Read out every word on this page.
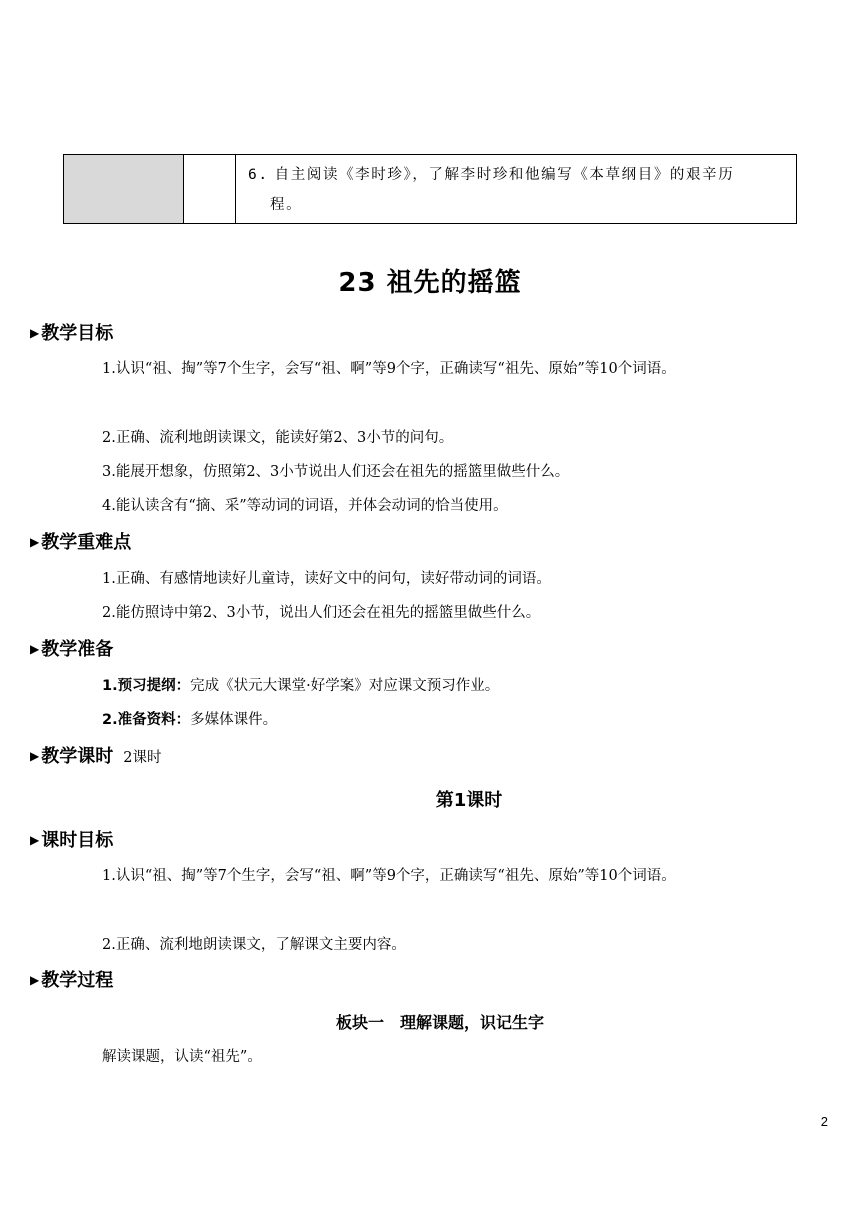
6. 自主阅读《李时珍》，了解李时珍和他编写《本草纲目》的艰辛历
程。
23 祖先的摇篮
▶ 教学目标
1.认识“祖、掏”等7个生字，会写“祖、啊”等9个字，正确读写“祖先、原始”等10个词语。
2.正确、流利地朗读课文，能读好第2、3小节的问句。
3.能展开想象，仿照第2、3小节说出人们还会在祖先的摇篮里做些什么。
4.能认读含有“摘、采”等动词的词语，并体会动词的恰当使用。
▶ 教学重难点
1.正确、有感情地读好儿童诗，读好文中的问句，读好带动词的词语。
2.能仿照诗中第2、3小节，说出人们还会在祖先的摇篮里做些什么。
▶ 教学准备
1.预习提纲：完成《状元大课堂·好学案》对应课文预习作业。
2.准备资料：多媒体课件。
▶ 教学课时 2课时
第1课时
▶ 课时目标
1.认识“祖、掏”等7个生字，会写“祖、啊”等9个字，正确读写“祖先、原始”等10个词语。
2.正确、流利地朗读课文，了解课文主要内容。
▶ 教学过程
板块一　理解课题，识记生字
解读课题，认读“祖先”。
2
